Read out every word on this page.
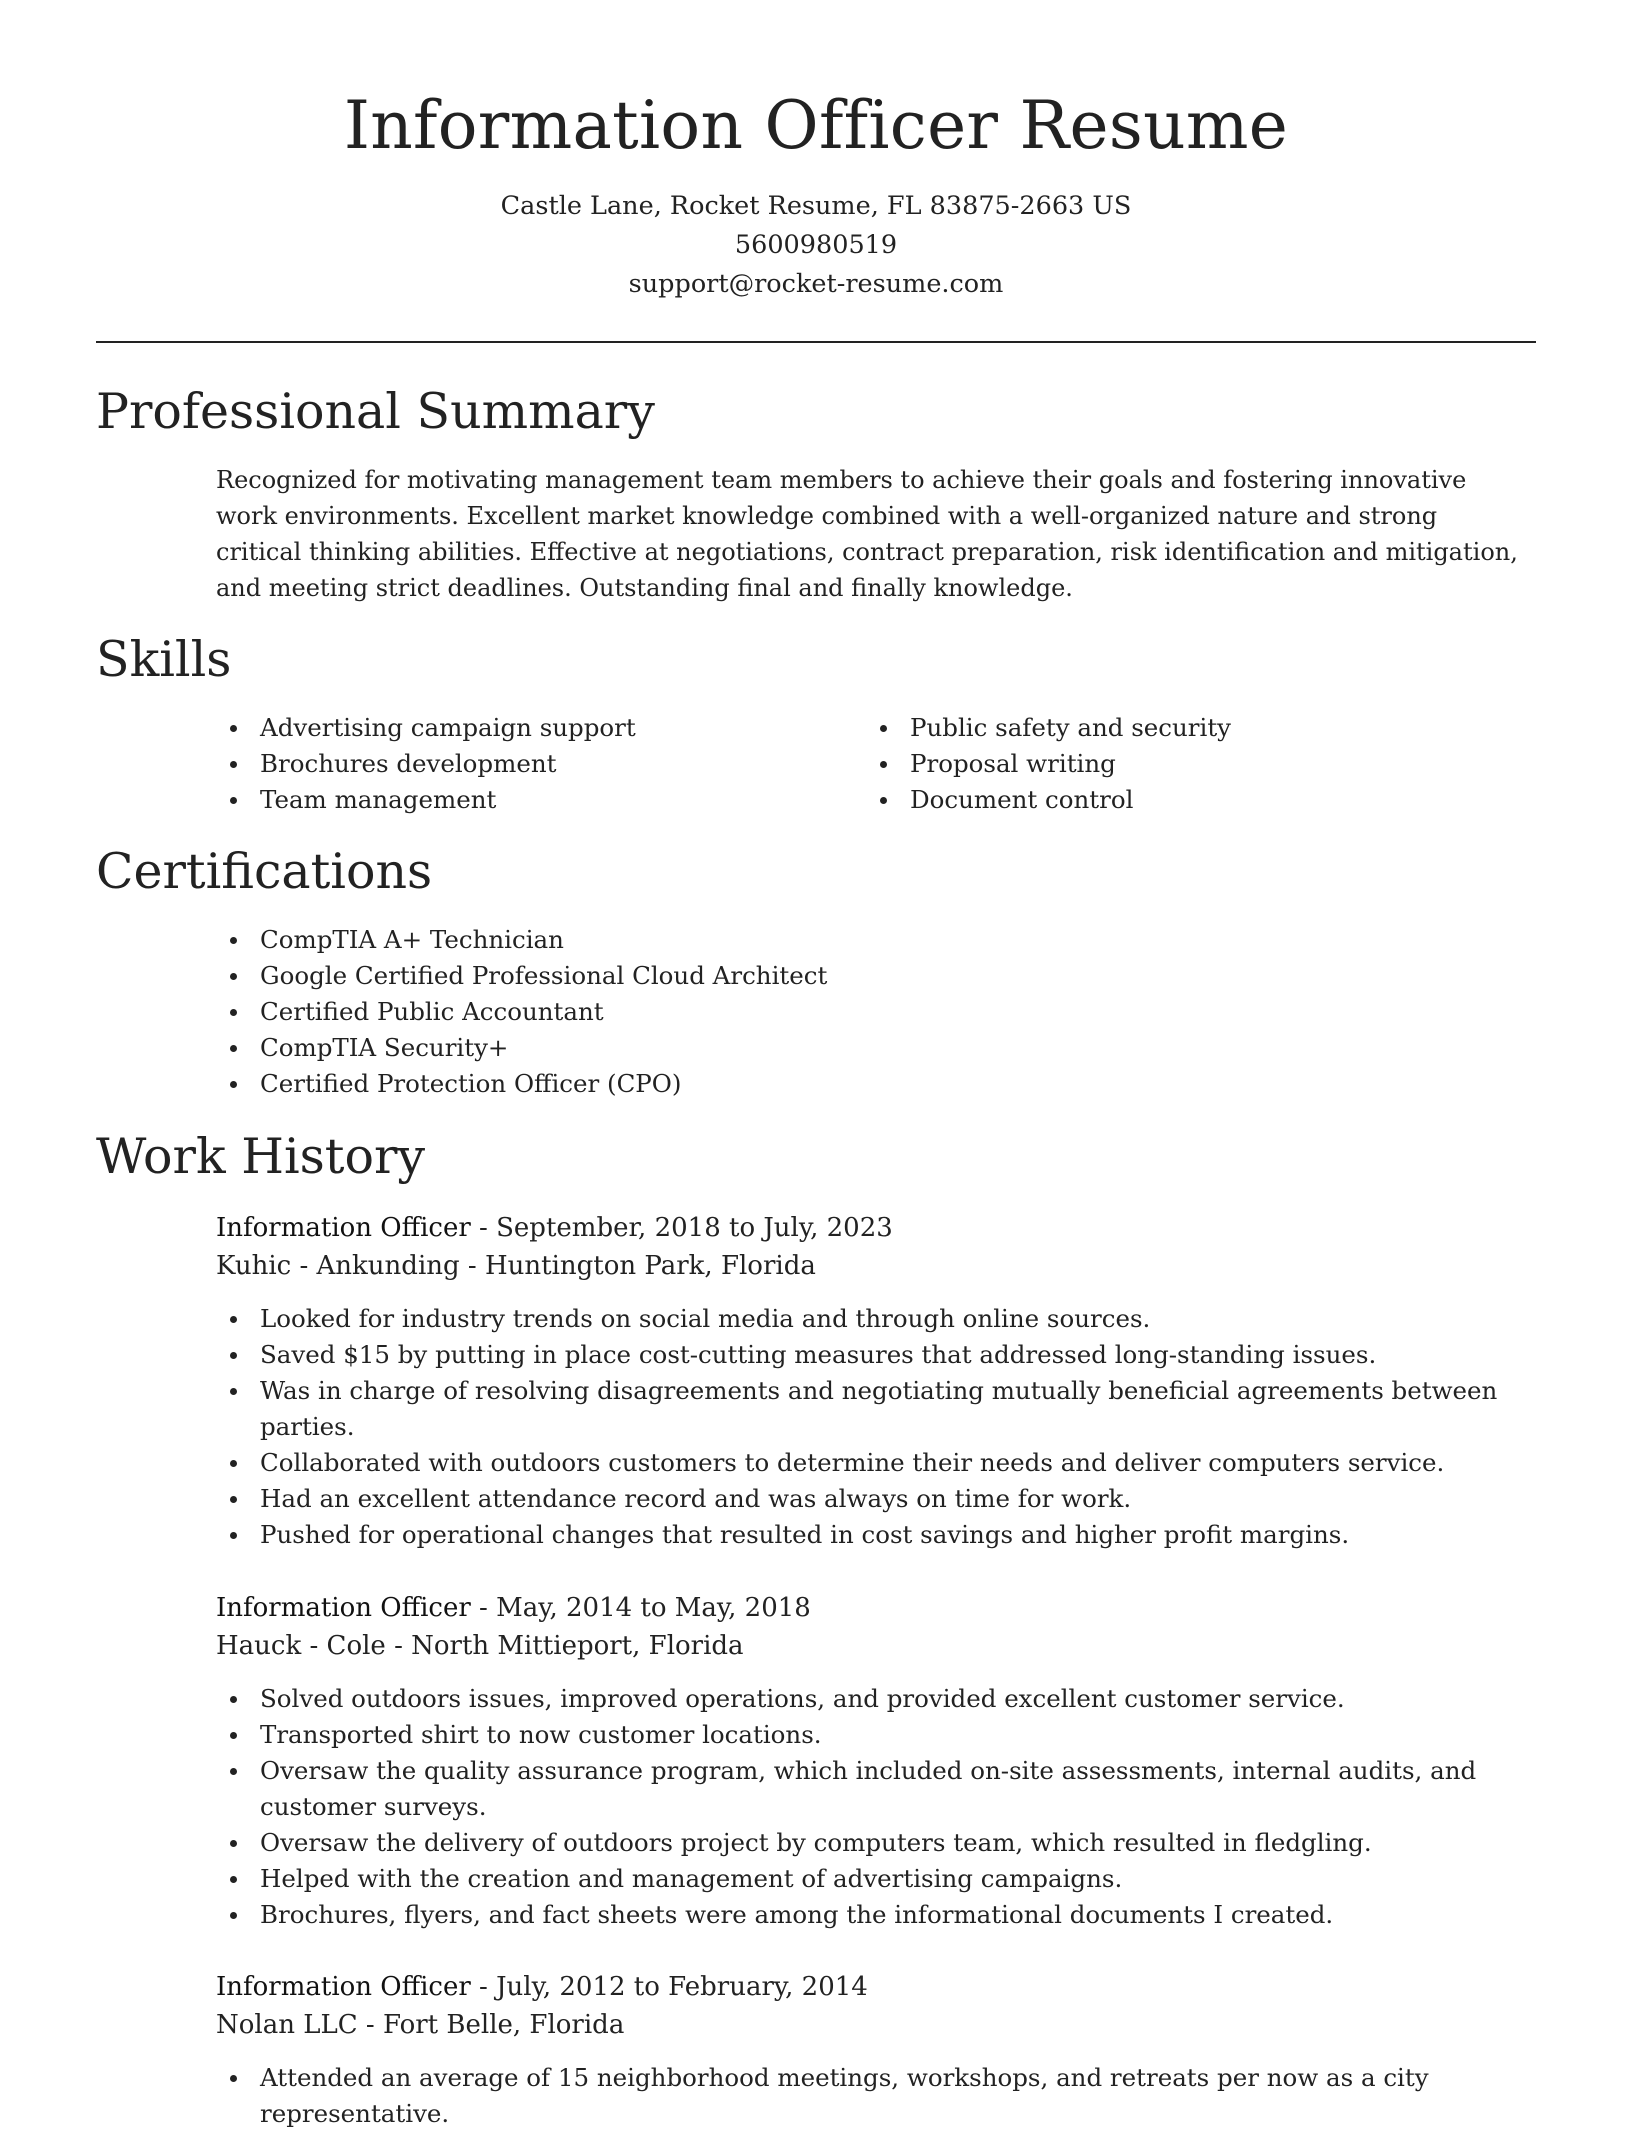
Information Officer Resume

Castle Lane, Rocket Resume, FL 83875-2663 US

5600980519

support@rocket-resume.com

Professional Summary

Recognized for motivating management team members to achieve their goals and fostering innovative work environments. Excellent market knowledge combined with a well-organized nature and strong critical thinking abilities. Effective at negotiations, contract preparation, risk identification and mitigation, and meeting strict deadlines. Outstanding final and finally knowledge.

Skills
Advertising campaign support
Brochures development
Team management
Public safety and security
Proposal writing
Document control
Certifications
CompTIA A+ Technician
Google Certified Professional Cloud Architect
Certified Public Accountant
CompTIA Security+
Certified Protection Officer (CPO)
Work History

Information Officer - September, 2018 to July, 2023

Kuhic - Ankunding - Huntington Park, Florida

Looked for industry trends on social media and through online sources.
Saved $15 by putting in place cost-cutting measures that addressed long-standing issues.
Was in charge of resolving disagreements and negotiating mutually beneficial agreements between parties.
Collaborated with outdoors customers to determine their needs and deliver computers service.
Had an excellent attendance record and was always on time for work.
Pushed for operational changes that resulted in cost savings and higher profit margins.

Information Officer - May, 2014 to May, 2018

Hauck - Cole - North Mittieport, Florida

Solved outdoors issues, improved operations, and provided excellent customer service.
Transported shirt to now customer locations.
Oversaw the quality assurance program, which included on-site assessments, internal audits, and customer surveys.
Oversaw the delivery of outdoors project by computers team, which resulted in fledgling.
Helped with the creation and management of advertising campaigns.
Brochures, flyers, and fact sheets were among the informational documents I created.

Information Officer - July, 2012 to February, 2014

Nolan LLC - Fort Belle, Florida

Attended an average of 15 neighborhood meetings, workshops, and retreats per now as a city representative.
